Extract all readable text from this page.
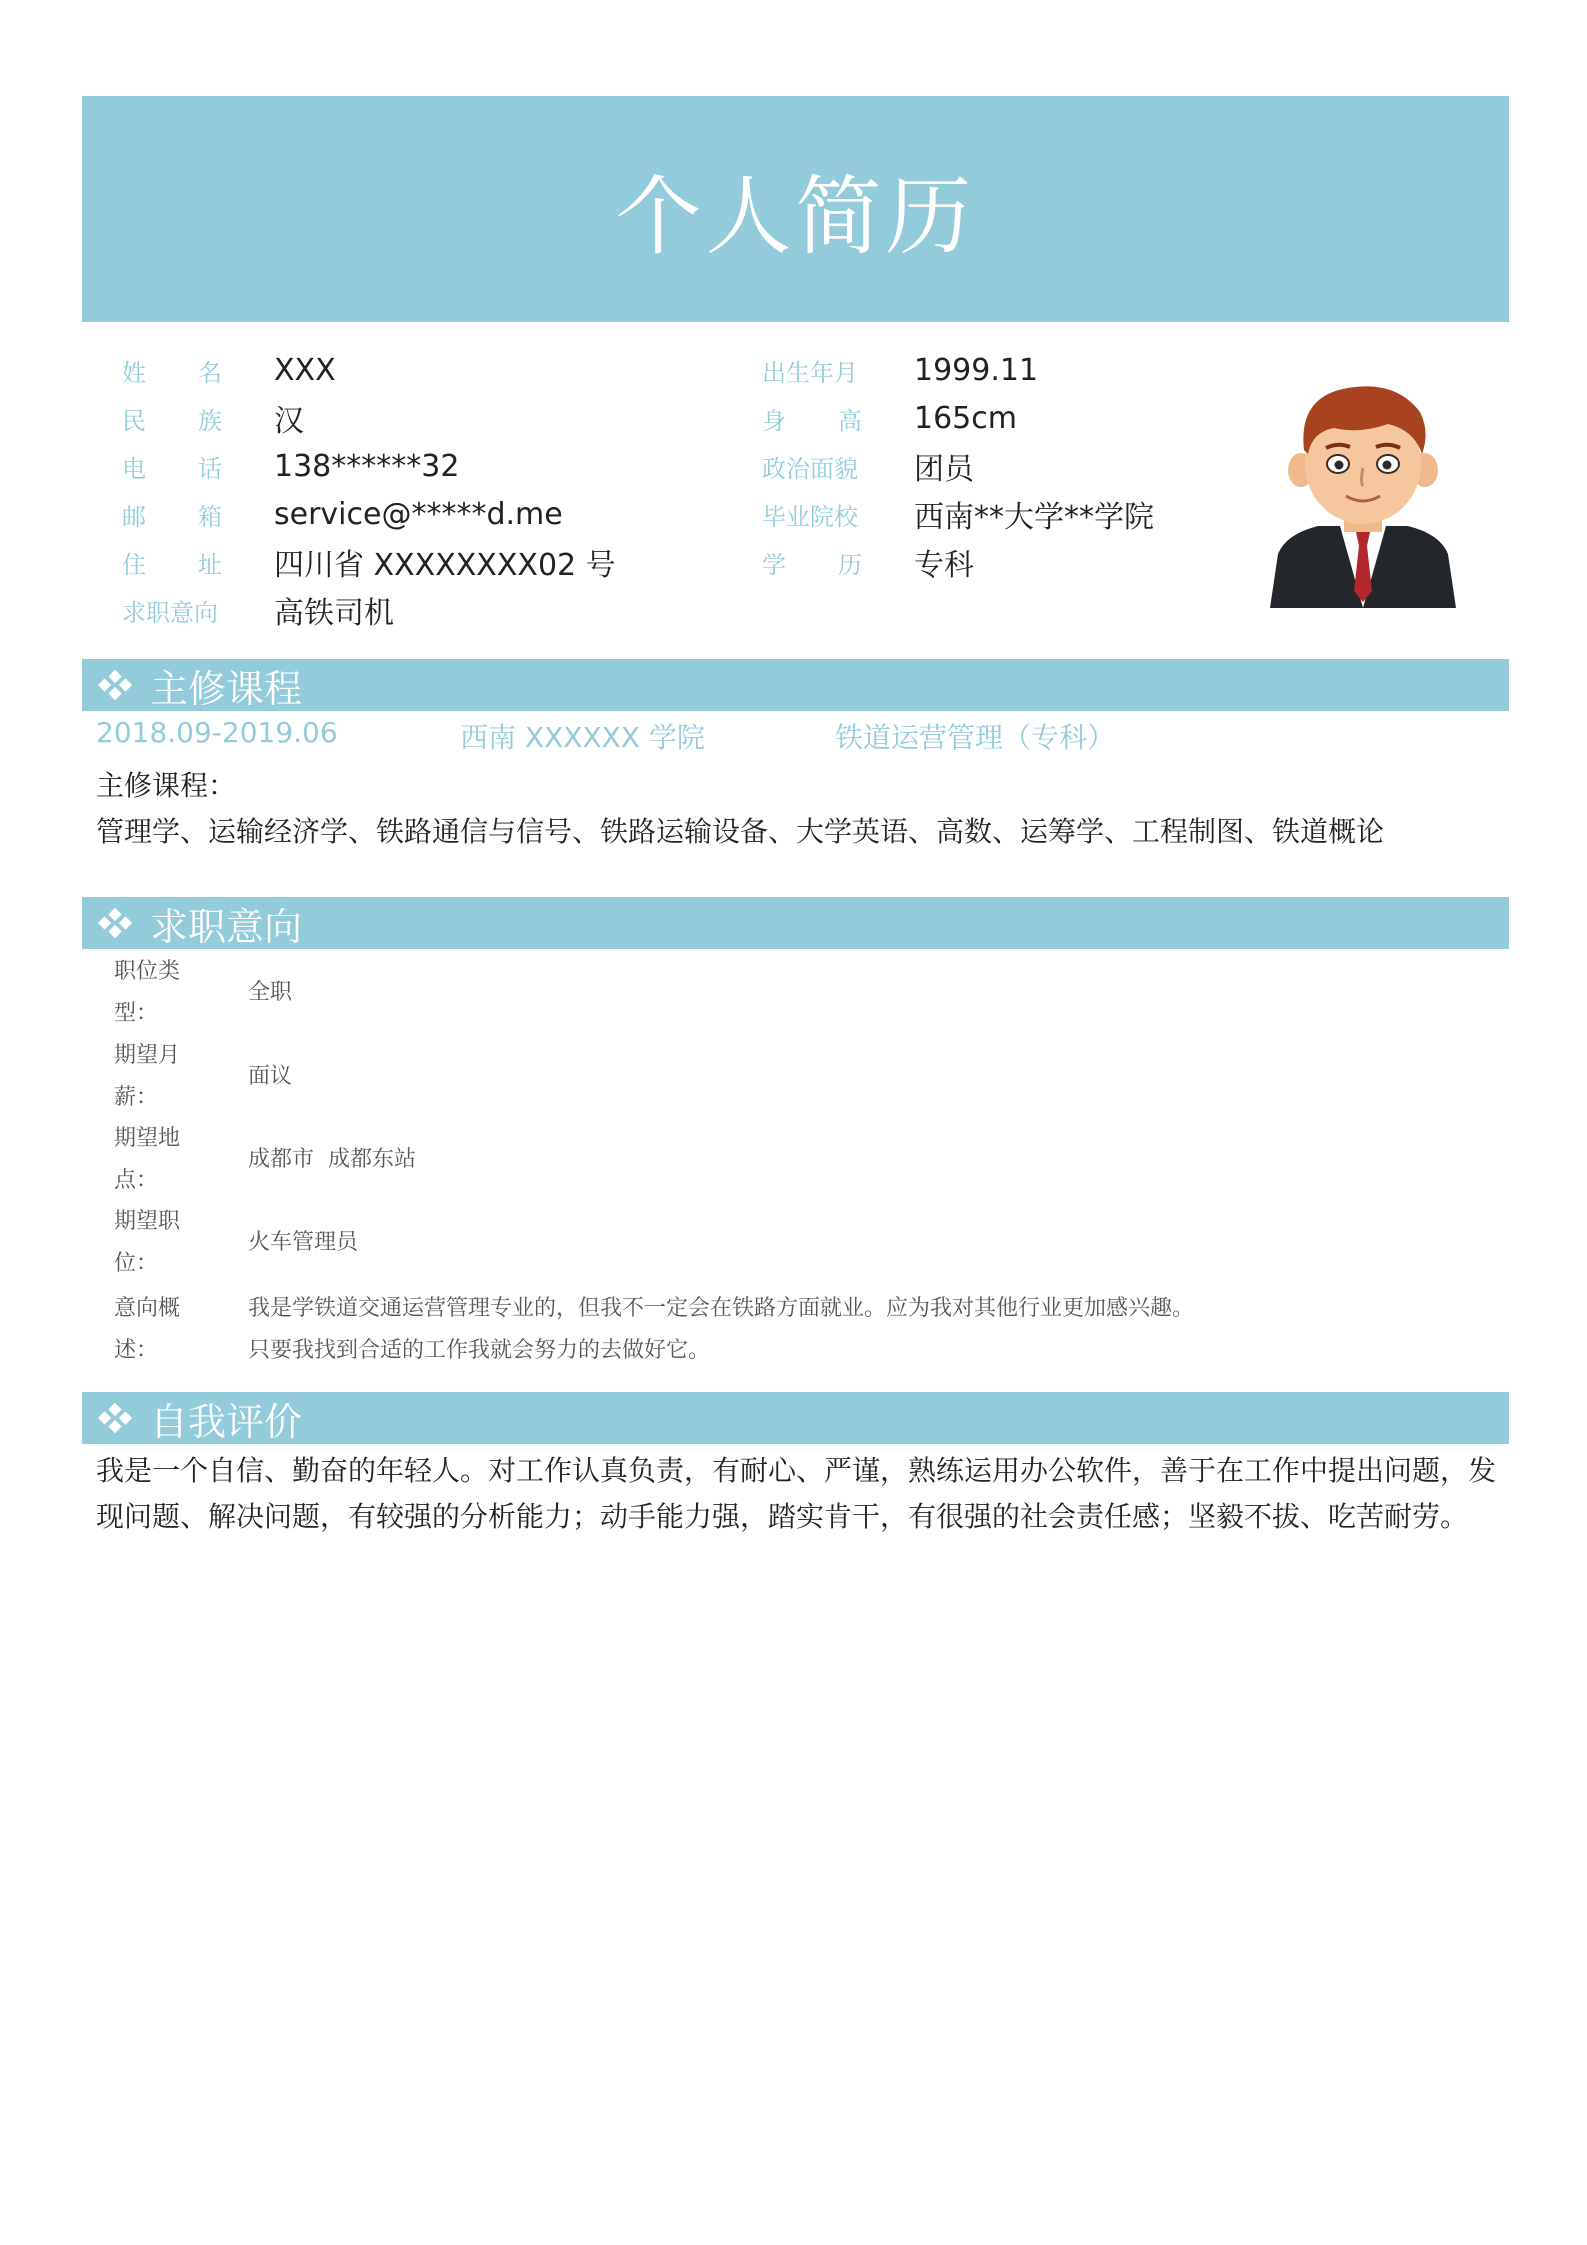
个人简历
姓 名 XXX
民 族 汉
电 话 138******32
邮 箱 service@*****d.me
住 址 四川省 XXXXXXXX02 号
求职意向 高铁司机
出生年月 1999.11
身 高 165cm
政治面貌 团员
毕业院校 西南**大学**学院
学 历 专科
主修课程
2018.09-2019.06	西南 XXXXXX 学院	铁道运营管理（专科）
主修课程：
管理学、运输经济学、铁路通信与信号、铁路运输设备、大学英语、高数、运筹学、工程制图、铁道概论
求职意向
职位类型：
全职
期望月薪：
面议
期望地点：
成都市  成都东站
期望职位：
火车管理员
意向概述：
我是学铁道交通运营管理专业的，但我不一定会在铁路方面就业。应为我对其他行业更加感兴趣。只要我找到合适的工作我就会努力的去做好它。
自我评价
我是一个自信、勤奋的年轻人。对工作认真负责，有耐心、严谨，熟练运用办公软件，善于在工作中提出问题，发现问题、解决问题，有较强的分析能力；动手能力强，踏实肯干，有很强的社会责任感；坚毅不拔、吃苦耐劳。
